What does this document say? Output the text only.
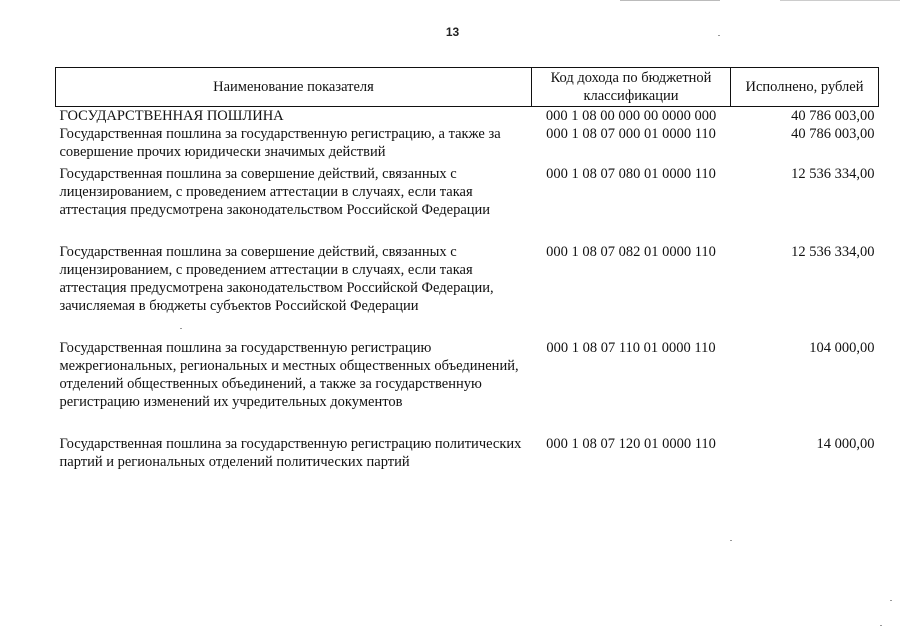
13
Наименование показателя	Код дохода по бюджетной классификации	Исполнено, рублей
ГОСУДАРСТВЕННАЯ ПОШЛИНА	000 1 08 00 000 00 0000 000	40 786 003,00
Государственная пошлина за государственную регистрацию, а также за совершение прочих юридически значимых действий	000 1 08 07 000 01 0000 110	40 786 003,00
Государственная пошлина за совершение действий, связанных с лицензированием, с проведением аттестации в случаях, если такая аттестация предусмотрена законодательством Российской Федерации	000 1 08 07 080 01 0000 110	12 536 334,00
Государственная пошлина за совершение действий, связанных с лицензированием, с проведением аттестации в случаях, если такая аттестация предусмотрена законодательством Российской Федерации, зачисляемая в бюджеты субъектов Российской Федерации	000 1 08 07 082 01 0000 110	12 536 334,00
Государственная пошлина за государственную регистрацию межрегиональных, региональных и местных общественных объединений, отделений общественных объединений, а также за государственную регистрацию изменений их учредительных документов	000 1 08 07 110 01 0000 110	104 000,00
Государственная пошлина за государственную регистрацию политических партий и региональных отделений политических партий	000 1 08 07 120 01 0000 110	14 000,00
